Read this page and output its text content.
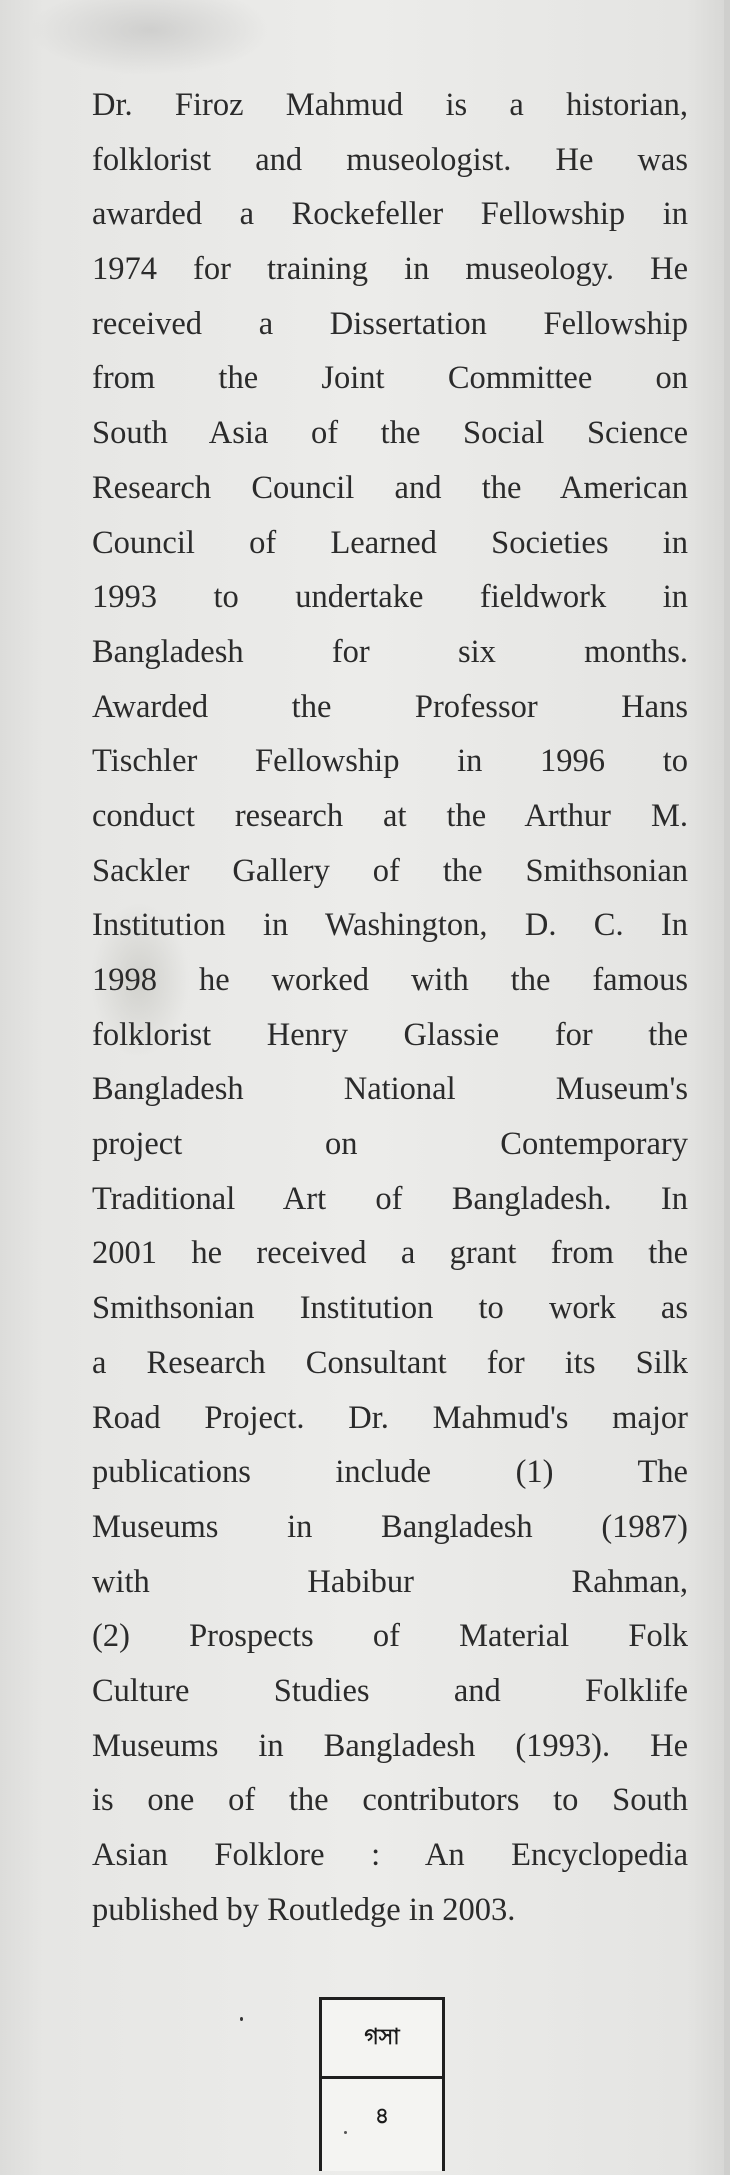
Dr. Firoz Mahmud is a historian,
folklorist and museologist. He was
awarded a Rockefeller Fellowship in
1974 for training in museology. He
received a Dissertation Fellowship
from the Joint Committee on
South Asia of the Social Science
Research Council and the American
Council of Learned Societies in
1993 to undertake fieldwork in
Bangladesh for six months.
Awarded the Professor Hans
Tischler Fellowship in 1996 to
conduct research at the Arthur M.
Sackler Gallery of the Smithsonian
Institution in Washington, D. C. In
1998 he worked with the famous
folklorist Henry Glassie for the
Bangladesh National Museum's
project on Contemporary
Traditional Art of Bangladesh. In
2001 he received a grant from the
Smithsonian Institution to work as
a Research Consultant for its Silk
Road Project. Dr. Mahmud's major
publications include (1) The
Museums in Bangladesh (1987)
with Habibur Rahman,
(2) Prospects of Material Folk
Culture Studies and Folklife
Museums in Bangladesh (1993). He
is one of the contributors to South
Asian Folklore : An Encyclopedia
published by Routledge in 2003.
গসা
৪
